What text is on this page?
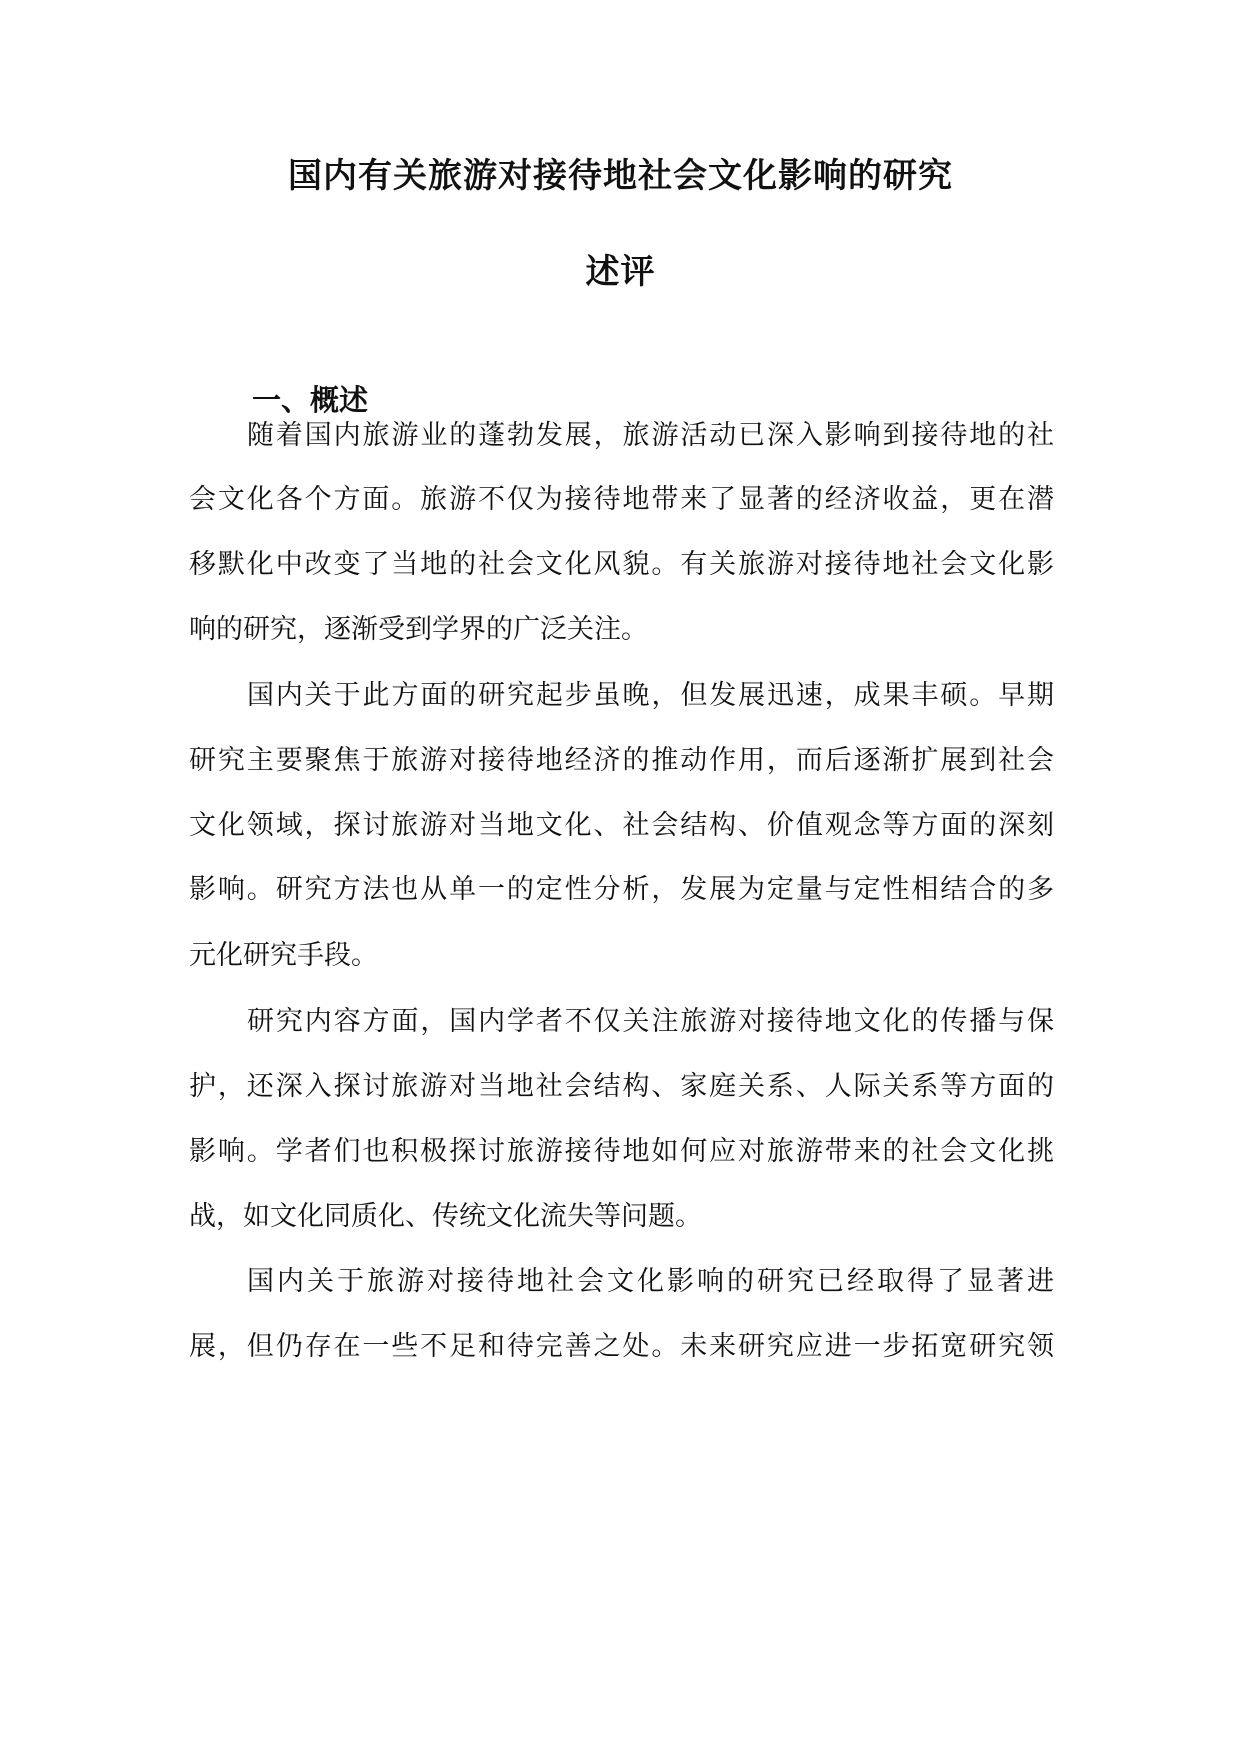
国内有关旅游对接待地社会文化影响的研究
述评
一、概述
随着国内旅游业的蓬勃发展，旅游活动已深入影响到接待地的社
会文化各个方面。旅游不仅为接待地带来了显著的经济收益，更在潜
移默化中改变了当地的社会文化风貌。有关旅游对接待地社会文化影
响的研究，逐渐受到学界的广泛关注。
国内关于此方面的研究起步虽晚，但发展迅速，成果丰硕。早期
研究主要聚焦于旅游对接待地经济的推动作用，而后逐渐扩展到社会
文化领域，探讨旅游对当地文化、社会结构、价值观念等方面的深刻
影响。研究方法也从单一的定性分析，发展为定量与定性相结合的多
元化研究手段。
研究内容方面，国内学者不仅关注旅游对接待地文化的传播与保
护，还深入探讨旅游对当地社会结构、家庭关系、人际关系等方面的
影响。学者们也积极探讨旅游接待地如何应对旅游带来的社会文化挑
战，如文化同质化、传统文化流失等问题。
国内关于旅游对接待地社会文化影响的研究已经取得了显著进
展，但仍存在一些不足和待完善之处。未来研究应进一步拓宽研究领
